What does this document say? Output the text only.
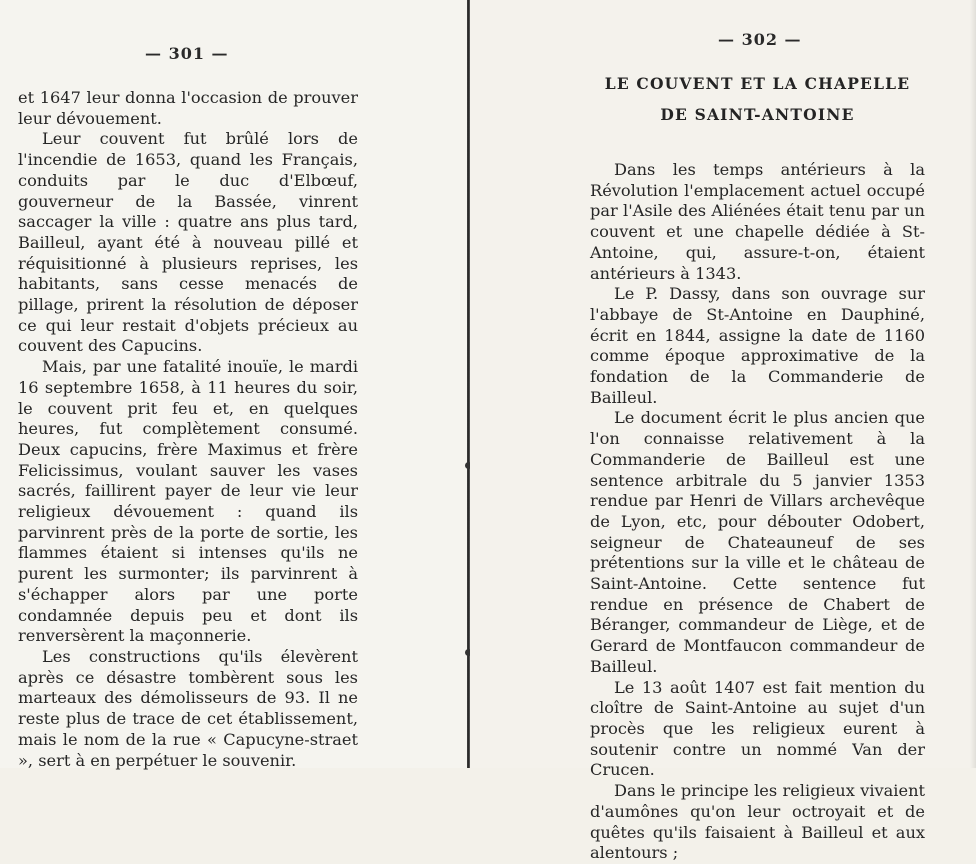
— 301 —

et 1647 leur donna l'occasion de prouver leur dévouement.

Leur couvent fut brûlé lors de l'incendie de 1653, quand les Français, conduits par le duc d'Elbœuf, gouverneur de la Bassée, vinrent saccager la ville : quatre ans plus tard, Bailleul, ayant été à nouveau pillé et réquisitionné à plusieurs reprises, les habitants, sans cesse menacés de pillage, prirent la résolution de déposer ce qui leur restait d'objets précieux au couvent des Capucins.

Mais, par une fatalité inouïe, le mardi 16 septembre 1658, à 11 heures du soir, le couvent prit feu et, en quelques heures, fut complètement consumé. Deux capucins, frère Maximus et frère Felicissimus, voulant sauver les vases sacrés, faillirent payer de leur vie leur religieux dévouement : quand ils parvinrent près de la porte de sortie, les flammes étaient si intenses qu'ils ne purent les surmonter; ils parvinrent à s'échapper alors par une porte condamnée depuis peu et dont ils renversèrent la maçonnerie.

Les constructions qu'ils élevèrent après ce désastre tombèrent sous les marteaux des démolisseurs de 93. Il ne reste plus de trace de cet établissement, mais le nom de la rue « Capucyne-straet », sert à en perpétuer le souvenir.

— 302 —
LE COUVENT ET LA CHAPELLE
DE SAINT-ANTOINE

Dans les temps antérieurs à la Révolution l'emplacement actuel occupé par l'Asile des Aliénées était tenu par un couvent et une chapelle dédiée à St-Antoine, qui, assure-t-on, étaient antérieurs à 1343.

Le P. Dassy, dans son ouvrage sur l'abbaye de St-Antoine en Dauphiné, écrit en 1844, assigne la date de 1160 comme époque approximative de la fondation de la Commanderie de Bailleul.

Le document écrit le plus ancien que l'on connaisse relativement à la Commanderie de Bailleul est une sentence arbitrale du 5 janvier 1353 rendue par Henri de Villars archevêque de Lyon, etc, pour débouter Odobert, seigneur de Chateauneuf de ses prétentions sur la ville et le château de Saint-Antoine. Cette sentence fut rendue en présence de Chabert de Béranger, commandeur de Liège, et de Gerard de Montfaucon commandeur de Bailleul.

Le 13 août 1407 est fait mention du cloître de Saint-Antoine au sujet d'un procès que les religieux eurent à soutenir contre un nommé Van der Crucen.

Dans le principe les religieux vivaient d'aumônes qu'on leur octroyait et de quêtes qu'ils faisaient à Bailleul et aux alentours ;
